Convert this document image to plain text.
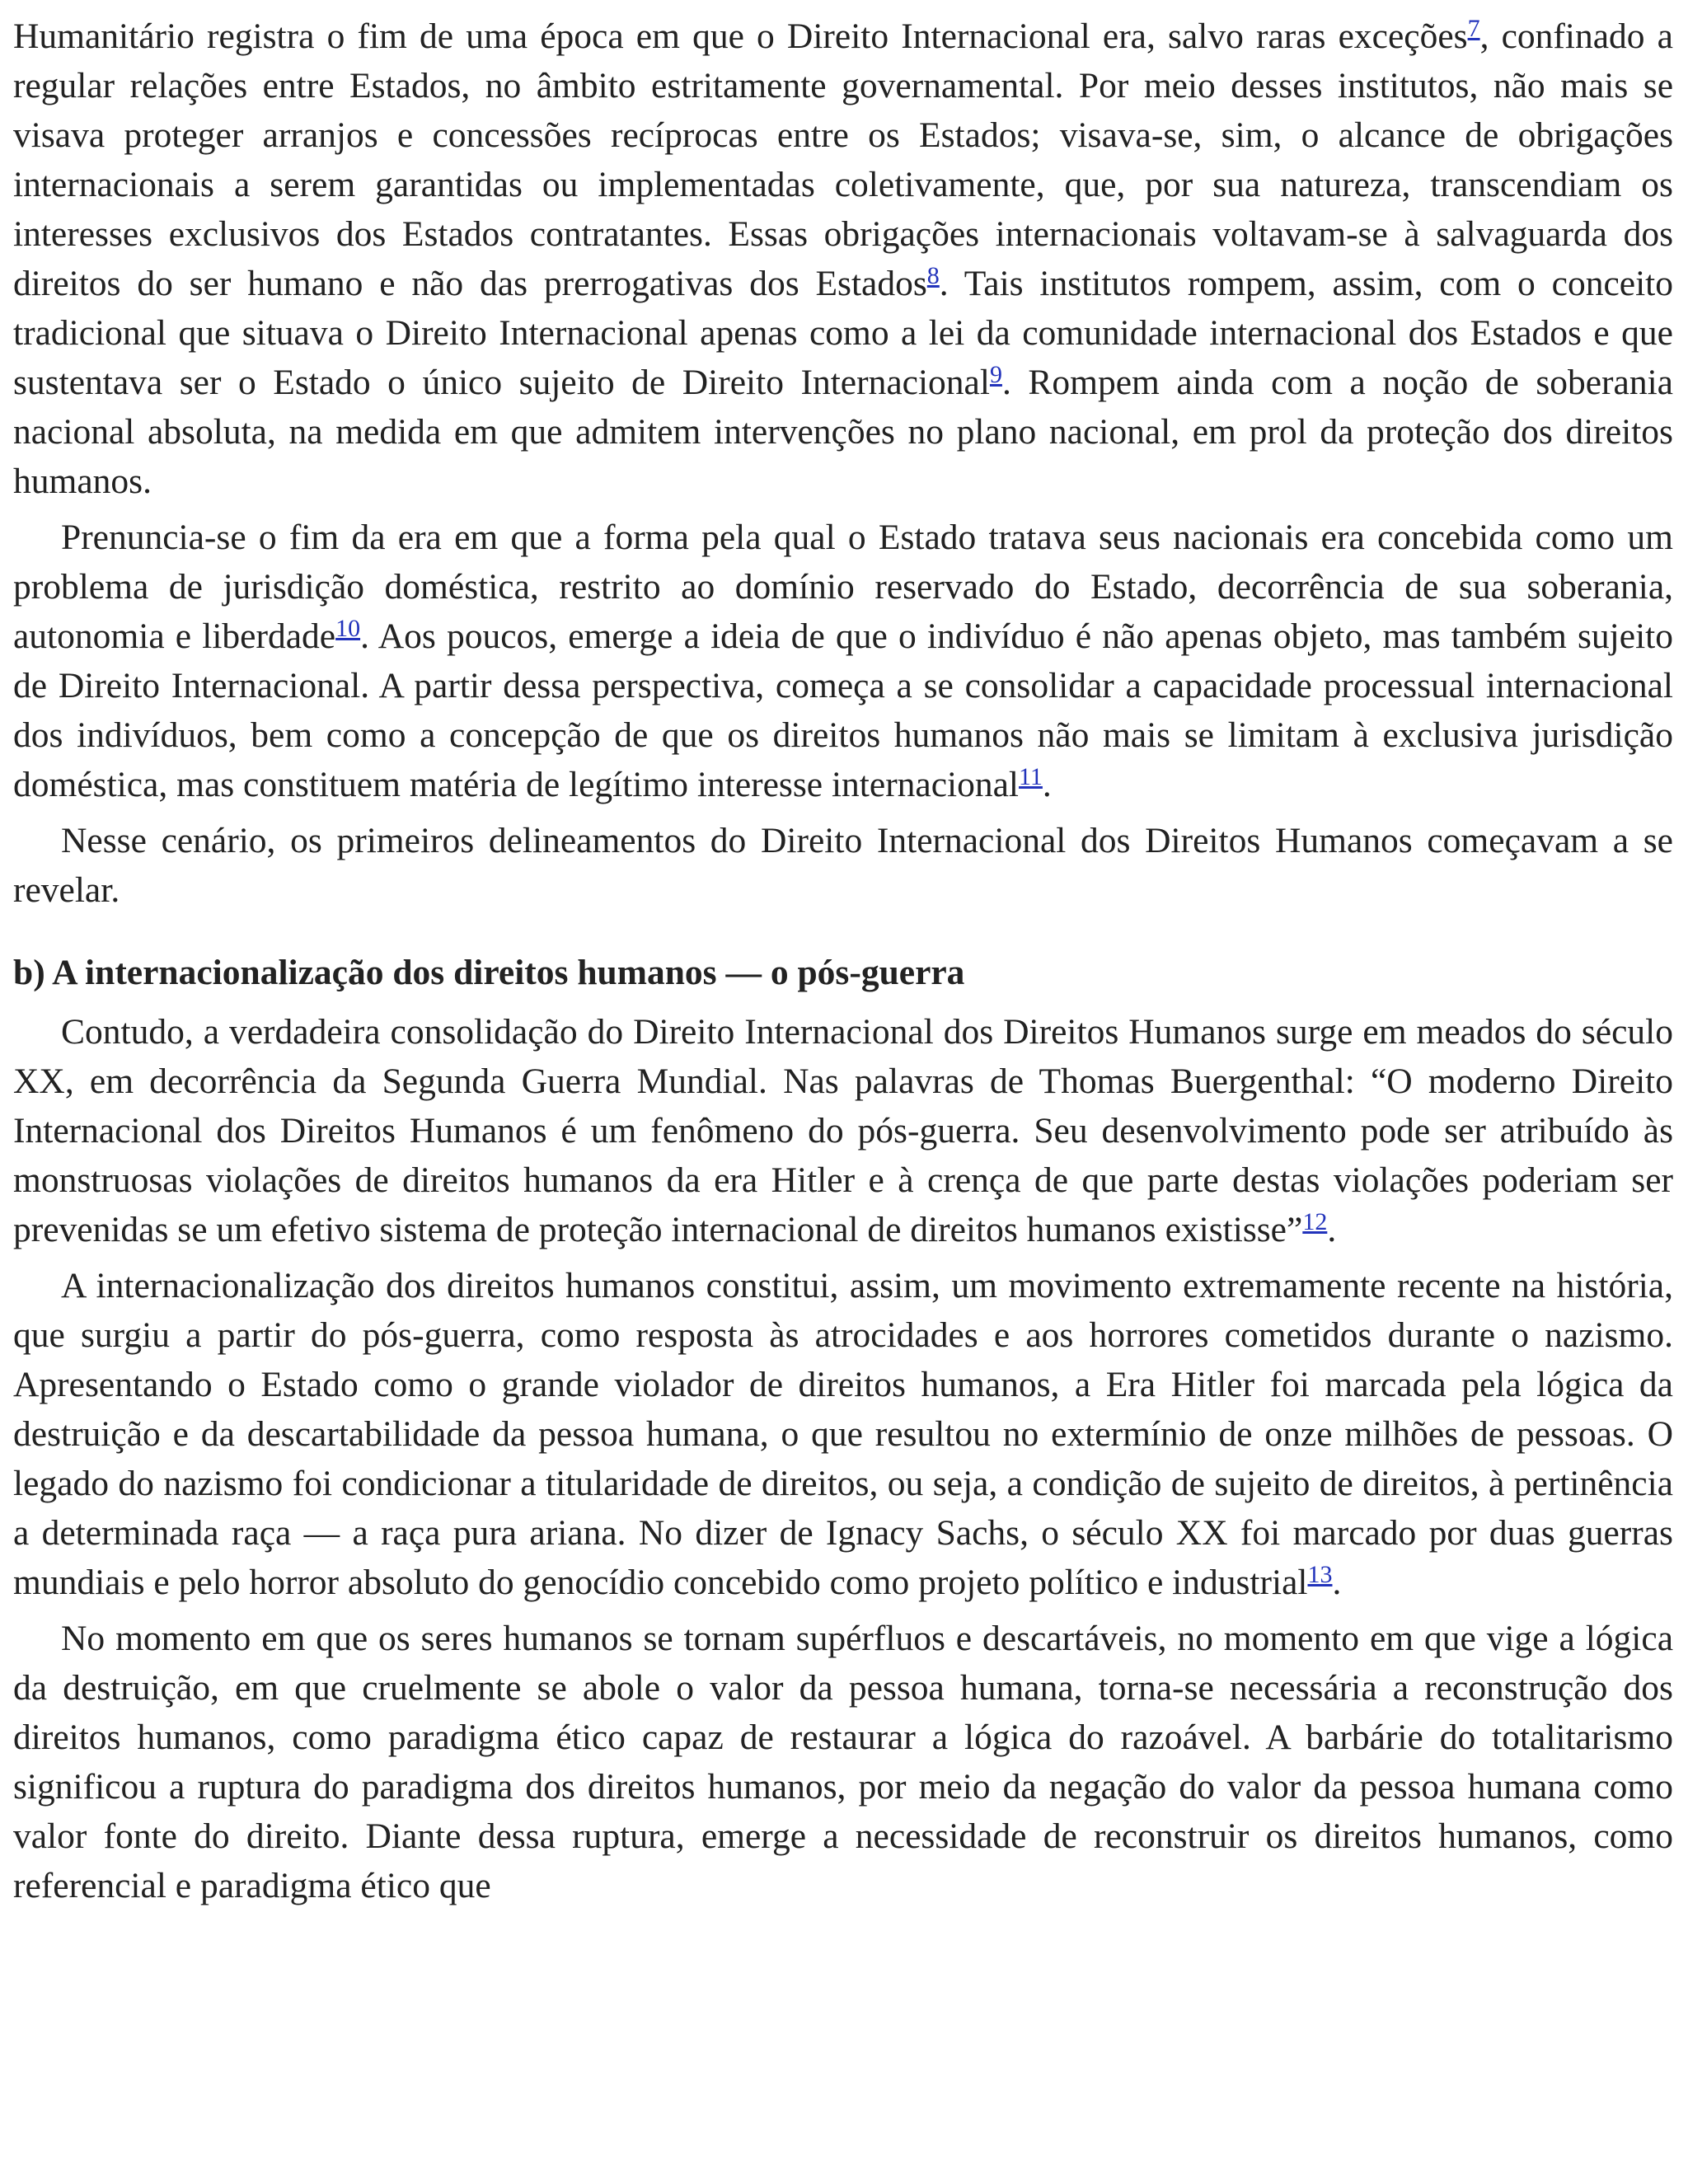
Humanitário registra o fim de uma época em que o Direito Internacional era, salvo raras exceções$^7$, confinado a regular relações entre Estados, no âmbito estritamente governamental. Por meio desses institutos, não mais se visava proteger arranjos e concessões recíprocas entre os Estados; visava-se, sim, o alcance de obrigações internacionais a serem garantidas ou implementadas coletivamente, que, por sua natureza, transcendiam os interesses exclusivos dos Estados contratantes. Essas obrigações internacionais voltavam-se à salvaguarda dos direitos do ser humano e não das prerrogativas dos Estados$^8$. Tais institutos rompem, assim, com o conceito tradicional que situava o Direito Internacional apenas como a lei da comunidade internacional dos Estados e que sustentava ser o Estado o único sujeito de Direito Internacional$^9$. Rompem ainda com a noção de soberania nacional absoluta, na medida em que admitem intervenções no plano nacional, em prol da proteção dos direitos humanos.

Prenuncia-se o fim da era em que a forma pela qual o Estado tratava seus nacionais era concebida como um problema de jurisdição doméstica, restrito ao domínio reservado do Estado, decorrência de sua soberania, autonomia e liberdade$^{10}$. Aos poucos, emerge a ideia de que o indivíduo é não apenas objeto, mas também sujeito de Direito Internacional. A partir dessa perspectiva, começa a se consolidar a capacidade processual internacional dos indivíduos, bem como a concepção de que os direitos humanos não mais se limitam à exclusiva jurisdição doméstica, mas constituem matéria de legítimo interesse internacional$^{11}$.

Nesse cenário, os primeiros delineamentos do Direito Internacional dos Direitos Humanos começavam a se revelar.

b) A internacionalização dos direitos humanos — o pós-guerra

Contudo, a verdadeira consolidação do Direito Internacional dos Direitos Humanos surge em meados do século XX, em decorrência da Segunda Guerra Mundial. Nas palavras de Thomas Buergenthal: “O moderno Direito Internacional dos Direitos Humanos é um fenômeno do pós-guerra. Seu desenvolvimento pode ser atribuído às monstruosas violações de direitos humanos da era Hitler e à crença de que parte destas violações poderiam ser prevenidas se um efetivo sistema de proteção internacional de direitos humanos existisse”$^{12}$.

A internacionalização dos direitos humanos constitui, assim, um movimento extremamente recente na história, que surgiu a partir do pós-guerra, como resposta às atrocidades e aos horrores cometidos durante o nazismo. Apresentando o Estado como o grande violador de direitos humanos, a Era Hitler foi marcada pela lógica da destruição e da descartabilidade da pessoa humana, o que resultou no extermínio de onze milhões de pessoas. O legado do nazismo foi condicionar a titularidade de direitos, ou seja, a condição de sujeito de direitos, à pertinência a determinada raça — a raça pura ariana. No dizer de Ignacy Sachs, o século XX foi marcado por duas guerras mundiais e pelo horror absoluto do genocídio concebido como projeto político e industrial$^{13}$.

No momento em que os seres humanos se tornam supérfluos e descartáveis, no momento em que vige a lógica da destruição, em que cruelmente se abole o valor da pessoa humana, torna-se necessária a reconstrução dos direitos humanos, como paradigma ético capaz de restaurar a lógica do razoável. A barbárie do totalitarismo significou a ruptura do paradigma dos direitos humanos, por meio da negação do valor da pessoa humana como valor fonte do direito. Diante dessa ruptura, emerge a necessidade de reconstruir os direitos humanos, como referencial e paradigma ético que
